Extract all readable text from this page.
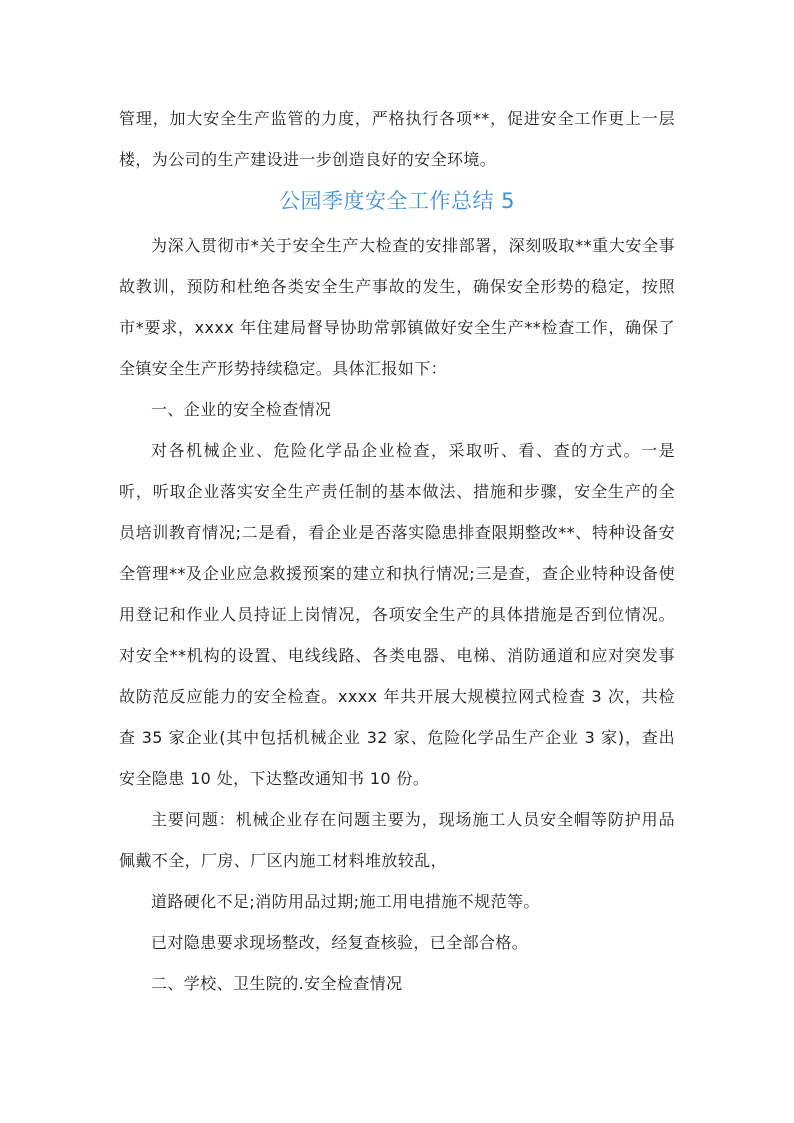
管理，加大安全生产监管的力度，严格执行各项**，促进安全工作更上一层楼，为公司的生产建设进一步创造良好的安全环境。

公园季度安全工作总结 5

为深入贯彻市*关于安全生产大检查的安排部署，深刻吸取**重大安全事故教训，预防和杜绝各类安全生产事故的发生，确保安全形势的稳定，按照市*要求，xxxx 年住建局督导协助常郭镇做好安全生产**检查工作，确保了全镇安全生产形势持续稳定。具体汇报如下：

一、企业的安全检查情况

对各机械企业、危险化学品企业检查，采取听、看、查的方式。一是听，听取企业落实安全生产责任制的基本做法、措施和步骤，安全生产的全员培训教育情况;二是看，看企业是否落实隐患排查限期整改**、特种设备安全管理**及企业应急救援预案的建立和执行情况;三是查，查企业特种设备使用登记和作业人员持证上岗情况，各项安全生产的具体措施是否到位情况。对安全**机构的设置、电线线路、各类电器、电梯、消防通道和应对突发事故防范反应能力的安全检查。xxxx 年共开展大规模拉网式检查 3 次，共检查 35 家企业(其中包括机械企业 32 家、危险化学品生产企业 3 家)，查出安全隐患 10 处，下达整改通知书 10 份。

主要问题：机械企业存在问题主要为，现场施工人员安全帽等防护用品佩戴不全，厂房、厂区内施工材料堆放较乱，

道路硬化不足;消防用品过期;施工用电措施不规范等。

已对隐患要求现场整改，经复查核验，已全部合格。

二、学校、卫生院的.安全检查情况
